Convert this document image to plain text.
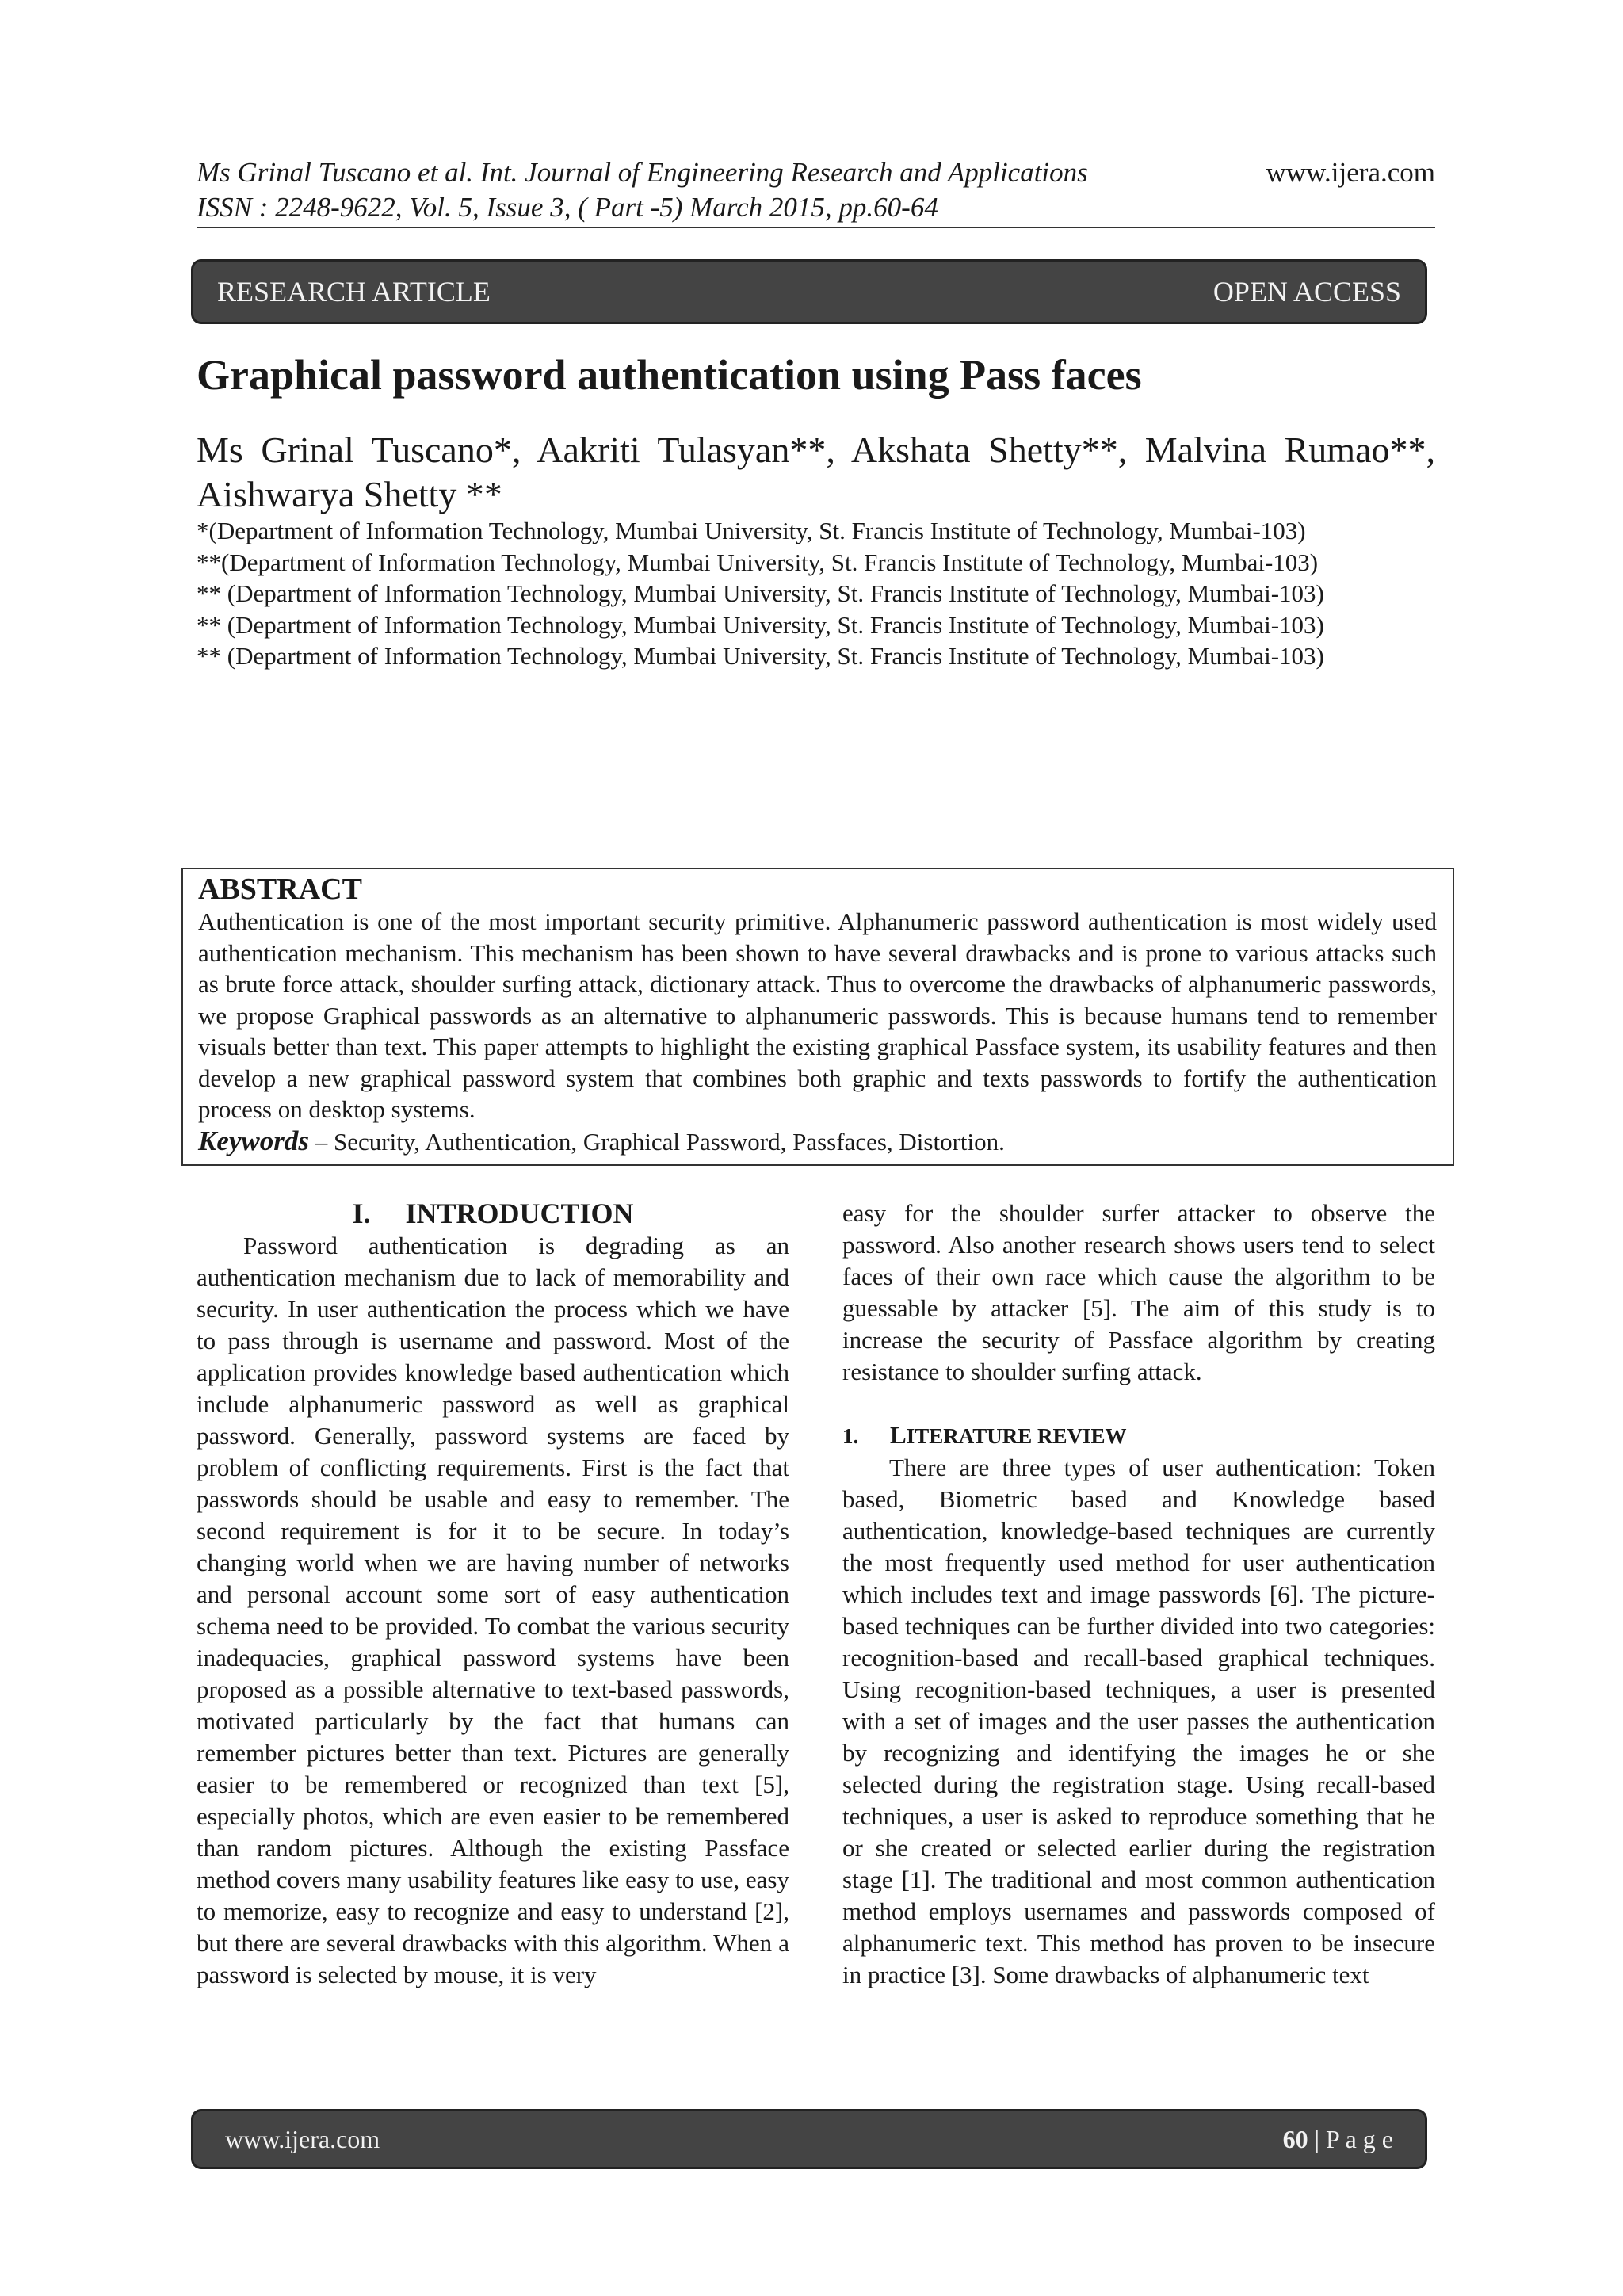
Ms Grinal Tuscano et al. Int. Journal of Engineering Research and Applications	www.ijera.com
ISSN : 2248-9622, Vol. 5, Issue 3, ( Part -5) March 2015, pp.60-64
RESEARCH ARTICLE	OPEN ACCESS
Graphical password authentication using Pass faces
Ms Grinal Tuscano*, Aakriti Tulasyan**, Akshata Shetty**, Malvina Rumao**, Aishwarya Shetty **

*(Department of Information Technology, Mumbai University, St. Francis Institute of Technology, Mumbai-103)

**(Department of Information Technology, Mumbai University, St. Francis Institute of Technology, Mumbai-103)

** (Department of Information Technology, Mumbai University, St. Francis Institute of Technology, Mumbai-103)

** (Department of Information Technology, Mumbai University, St. Francis Institute of Technology, Mumbai-103)

** (Department of Information Technology, Mumbai University, St. Francis Institute of Technology, Mumbai-103)

ABSTRACT

Authentication is one of the most important security primitive. Alphanumeric password authentication is most widely used authentication mechanism. This mechanism has been shown to have several drawbacks and is prone to various attacks such as brute force attack, shoulder surfing attack, dictionary attack. Thus to overcome the drawbacks of alphanumeric passwords, we propose Graphical passwords as an alternative to alphanumeric passwords. This is because humans tend to remember visuals better than text. This paper attempts to highlight the existing graphical Passface system, its usability features and then develop a new graphical password system that combines both graphic and texts passwords to fortify the authentication process on desktop systems.

Keywords – Security, Authentication, Graphical Password, Passfaces, Distortion.

I. INTRODUCTION

Password authentication is degrading as an authentication mechanism due to lack of memorability and security. In user authentication the process which we have to pass through is username and password. Most of the application provides knowledge based authentication which include alphanumeric password as well as graphical password. Generally, password systems are faced by problem of conflicting requirements. First is the fact that passwords should be usable and easy to remember. The second requirement is for it to be secure. In today’s changing world when we are having number of networks and personal account some sort of easy authentication schema need to be provided. To combat the various security inadequacies, graphical password systems have been proposed as a possible alternative to text-based passwords, motivated particularly by the fact that humans can remember pictures better than text. Pictures are generally easier to be remembered or recognized than text [5], especially photos, which are even easier to be remembered than random pictures. Although the existing Passface method covers many usability features like easy to use, easy to memorize, easy to recognize and easy to understand [2], but there are several drawbacks with this algorithm. When a password is selected by mouse, it is very

easy for the shoulder surfer attacker to observe the password. Also another research shows users tend to select faces of their own race which cause the algorithm to be guessable by attacker [5]. The aim of this study is to increase the security of Passface algorithm by creating resistance to shoulder surfing attack.

1. LITERATURE REVIEW

There are three types of user authentication: Token based, Biometric based and Knowledge based authentication, knowledge-based techniques are currently the most frequently used method for user authentication which includes text and image passwords [6]. The picture-based techniques can be further divided into two categories: recognition-based and recall-based graphical techniques. Using recognition-based techniques, a user is presented with a set of images and the user passes the authentication by recognizing and identifying the images he or she selected during the registration stage. Using recall-based techniques, a user is asked to reproduce something that he or she created or selected earlier during the registration stage [1]. The traditional and most common authentication method employs usernames and passwords composed of alphanumeric text. This method has proven to be insecure in practice [3]. Some drawbacks of alphanumeric text

www.ijera.com	60 | P a g e
